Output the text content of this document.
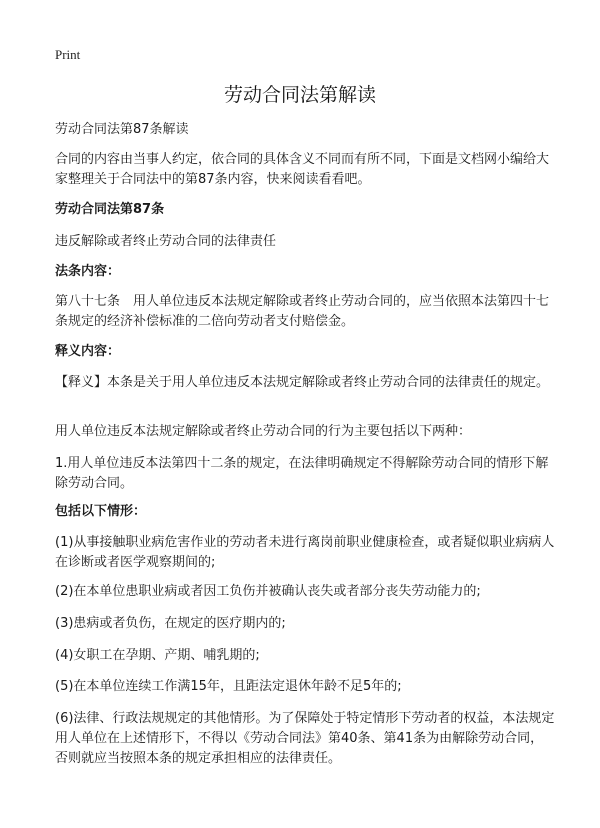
Print
劳动合同法第解读

劳动合同法第87条解读

合同的内容由当事人约定，依合同的具体含义不同而有所不同，下面是文档网小编给大家整理关于合同法中的第87条内容，快来阅读看看吧。

劳动合同法第87条

违反解除或者终止劳动合同的法律责任

法条内容：

第八十七条　用人单位违反本法规定解除或者终止劳动合同的，应当依照本法第四十七条规定的经济补偿标准的二倍向劳动者支付赔偿金。

释义内容：

【释义】本条是关于用人单位违反本法规定解除或者终止劳动合同的法律责任的规定。

用人单位违反本法规定解除或者终止劳动合同的行为主要包括以下两种：

1.用人单位违反本法第四十二条的规定，在法律明确规定不得解除劳动合同的情形下解除劳动合同。

包括以下情形：

(1)从事接触职业病危害作业的劳动者未进行离岗前职业健康检查，或者疑似职业病病人在诊断或者医学观察期间的;

(2)在本单位患职业病或者因工负伤并被确认丧失或者部分丧失劳动能力的;

(3)患病或者负伤，在规定的医疗期内的;

(4)女职工在孕期、产期、哺乳期的;

(5)在本单位连续工作满15年，且距法定退休年龄不足5年的;

(6)法律、行政法规规定的其他情形。为了保障处于特定情形下劳动者的权益，本法规定用人单位在上述情形下，不得以《劳动合同法》第40条、第41条为由解除劳动合同，否则就应当按照本条的规定承担相应的法律责任。
